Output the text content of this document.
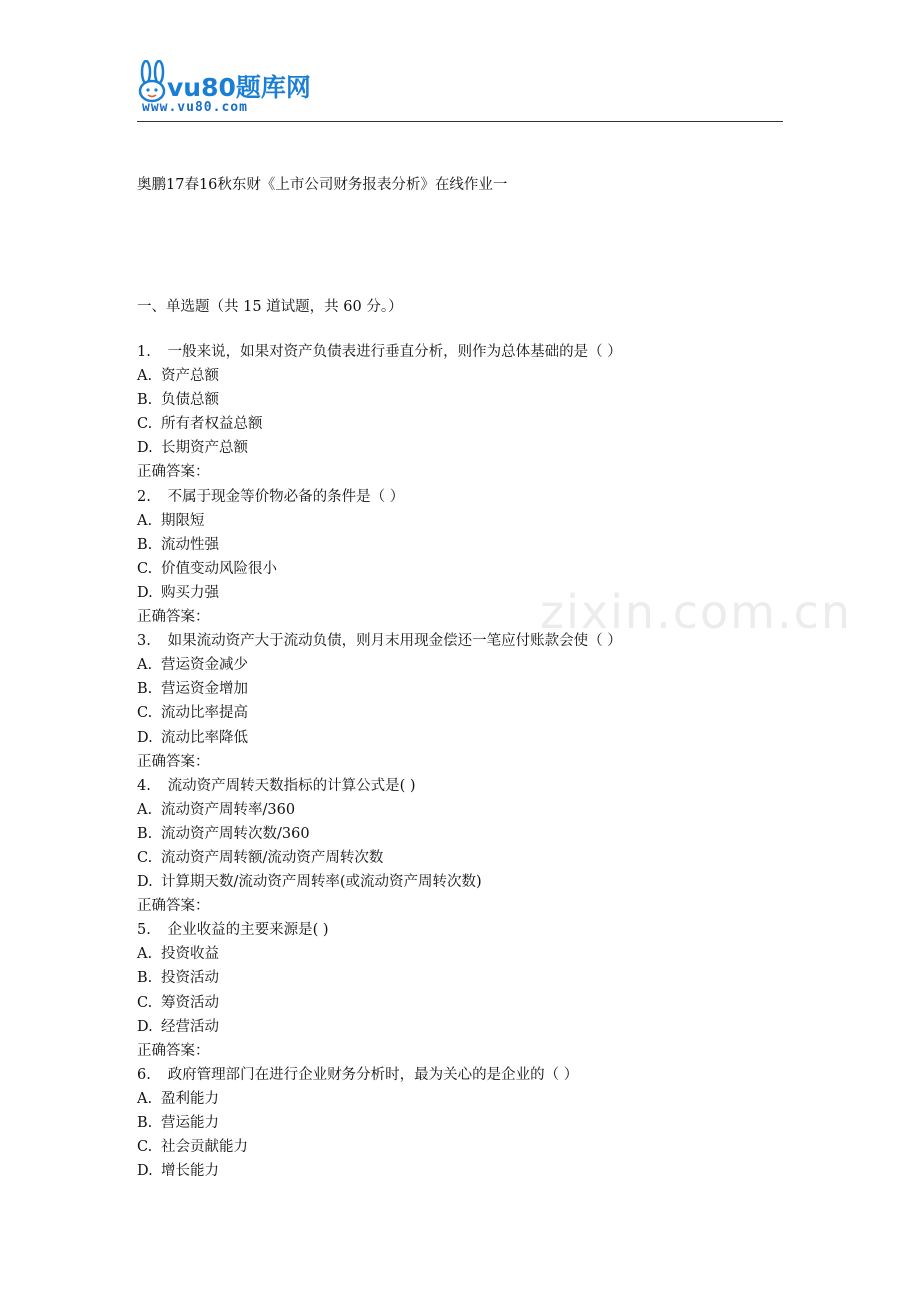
vu80题库网
www.vu80.com
奥鹏17春16秋东财《上市公司财务报表分析》在线作业一
一、单选题（共 15 道试题，共 60 分。）
1. 一般来说，如果对资产负债表进行垂直分析，则作为总体基础的是（ ）
A. 资产总额
B. 负债总额
C. 所有者权益总额
D. 长期资产总额
正确答案：
2. 不属于现金等价物必备的条件是（ ）
A. 期限短
B. 流动性强
C. 价值变动风险很小
D. 购买力强
正确答案：
3. 如果流动资产大于流动负债，则月末用现金偿还一笔应付账款会使（ ）
A. 营运资金减少
B. 营运资金增加
C. 流动比率提高
D. 流动比率降低
正确答案：
4. 流动资产周转天数指标的计算公式是( )
A. 流动资产周转率/360
B. 流动资产周转次数/360
C. 流动资产周转额/流动资产周转次数
D. 计算期天数/流动资产周转率(或流动资产周转次数)
正确答案：
5. 企业收益的主要来源是( )
A. 投资收益
B. 投资活动
C. 筹资活动
D. 经营活动
正确答案：
6. 政府管理部门在进行企业财务分析时，最为关心的是企业的（ ）
A. 盈利能力
B. 营运能力
C. 社会贡献能力
D. 增长能力
zixin.com.cn
